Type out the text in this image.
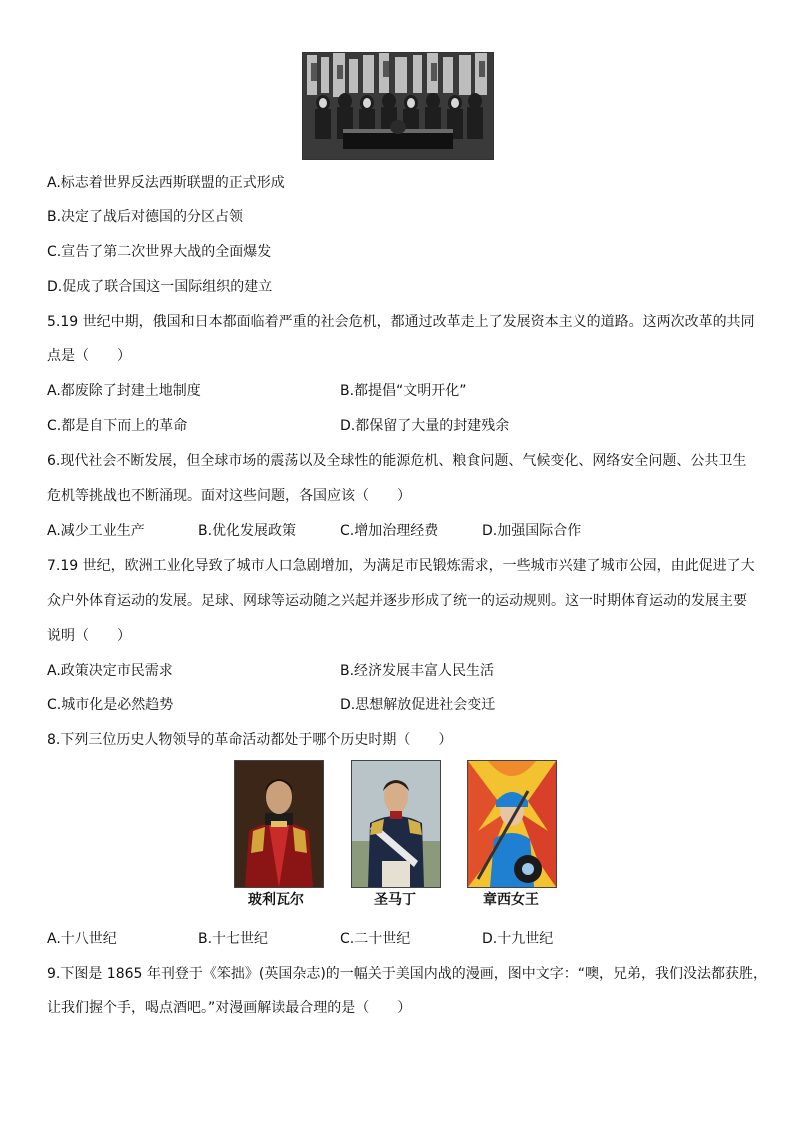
A.标志着世界反法西斯联盟的正式形成
B.决定了战后对德国的分区占领
C.宣告了第二次世界大战的全面爆发
D.促成了联合国这一国际组织的建立
5.19 世纪中期，俄国和日本都面临着严重的社会危机，都通过改革走上了发展资本主义的道路。这两次改革的共同
点是（　　）
A.都废除了封建土地制度	B.都提倡“文明开化”
C.都是自下而上的革命	D.都保留了大量的封建残余
6.现代社会不断发展，但全球市场的震荡以及全球性的能源危机、粮食问题、气候变化、网络安全问题、公共卫生
危机等挑战也不断涌现。面对这些问题，各国应该（　　）
A.减少工业生产	B.优化发展政策	C.增加治理经费	D.加强国际合作
7.19 世纪，欧洲工业化导致了城市人口急剧增加，为满足市民锻炼需求，一些城市兴建了城市公园，由此促进了大
众户外体育运动的发展。足球、网球等运动随之兴起并逐步形成了统一的运动规则。这一时期体育运动的发展主要
说明（　　）
A.政策决定市民需求	B.经济发展丰富人民生活
C.城市化是必然趋势	D.思想解放促进社会变迁
8.下列三位历史人物领导的革命活动都处于哪个历史时期（　　）
玻利瓦尔	圣马丁	章西女王
A.十八世纪	B.十七世纪	C.二十世纪	D.十九世纪
9.下图是 1865 年刊登于《笨拙》(英国杂志)的一幅关于美国内战的漫画，图中文字：“噢，兄弟，我们没法都获胜，
让我们握个手，喝点酒吧。”对漫画解读最合理的是（　　）
